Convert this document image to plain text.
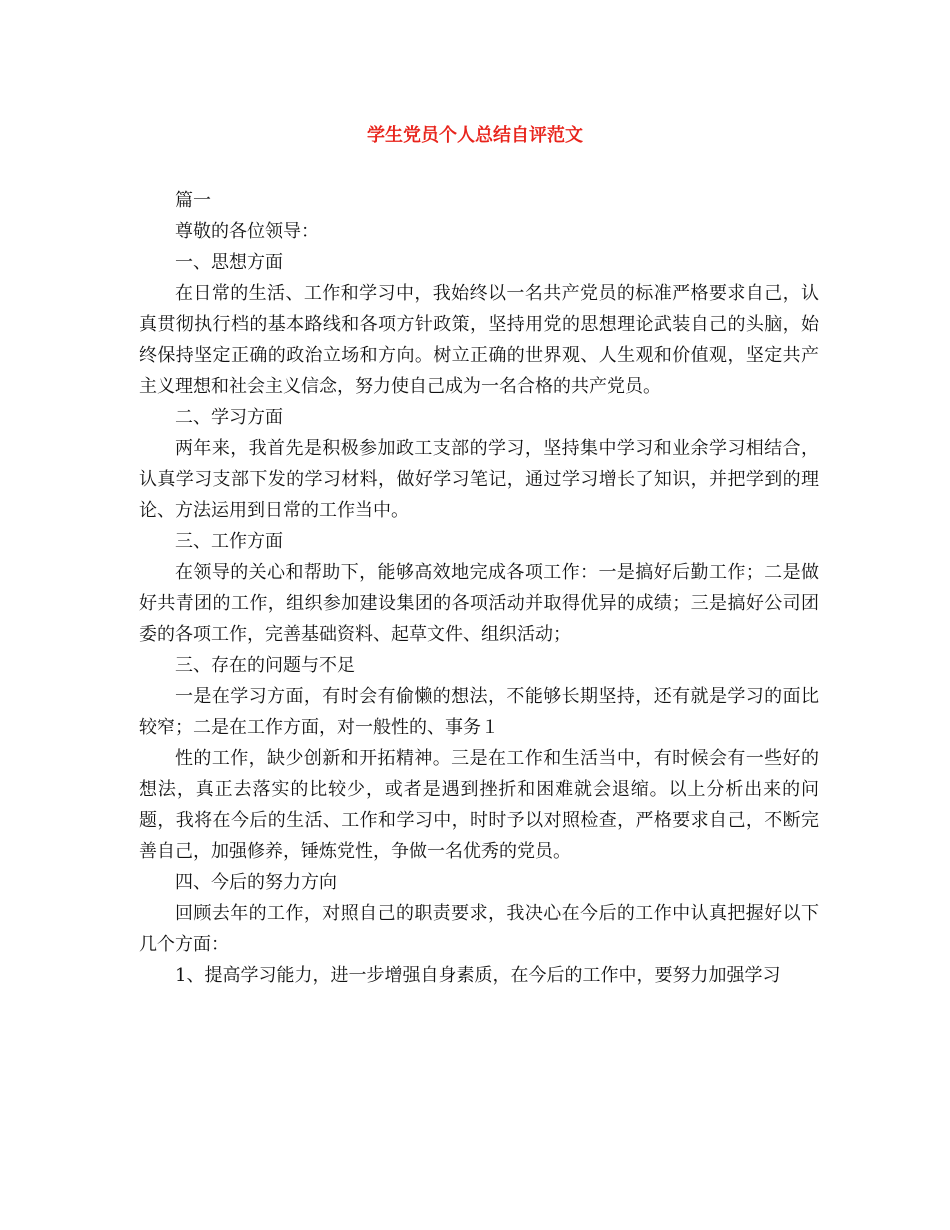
学生党员个人总结自评范文

篇一

尊敬的各位领导：

一、思想方面

在日常的生活、工作和学习中，我始终以一名共产党员的标准严格要求自己，认真贯彻执行档的基本路线和各项方针政策，坚持用党的思想理论武装自己的头脑，始终保持坚定正确的政治立场和方向。树立正确的世界观、人生观和价值观，坚定共产主义理想和社会主义信念，努力使自己成为一名合格的共产党员。

二、学习方面

两年来，我首先是积极参加政工支部的学习，坚持集中学习和业余学习相结合，认真学习支部下发的学习材料，做好学习笔记，通过学习增长了知识，并把学到的理论、方法运用到日常的工作当中。

三、工作方面

在领导的关心和帮助下，能够高效地完成各项工作：一是搞好后勤工作；二是做好共青团的工作，组织参加建设集团的各项活动并取得优异的成绩；三是搞好公司团委的各项工作，完善基础资料、起草文件、组织活动；

三、存在的问题与不足

一是在学习方面，有时会有偷懒的想法，不能够长期坚持，还有就是学习的面比较窄；二是在工作方面，对一般性的、事务１

性的工作，缺少创新和开拓精神。三是在工作和生活当中，有时候会有一些好的想法，真正去落实的比较少，或者是遇到挫折和困难就会退缩。以上分析出来的问题，我将在今后的生活、工作和学习中，时时予以对照检查，严格要求自己，不断完善自己，加强修养，锤炼党性，争做一名优秀的党员。

四、今后的努力方向

回顾去年的工作，对照自己的职责要求，我决心在今后的工作中认真把握好以下几个方面：

1、提高学习能力，进一步增强自身素质，在今后的工作中，要努力加强学习
